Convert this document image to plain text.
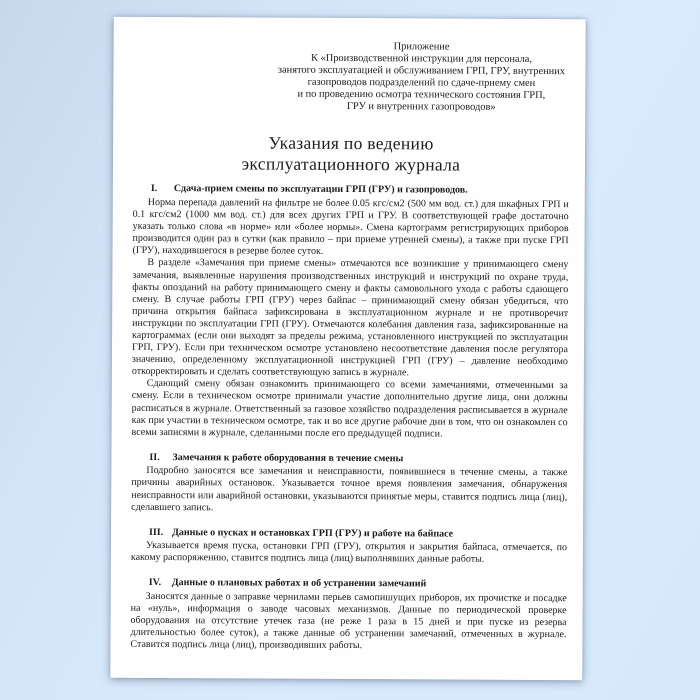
Приложение
К «Производственной инструкции для персонала,
занятого эксплуатацией и обслуживанием ГРП, ГРУ, внутренних
газопроводов подразделений по сдаче-приему смен
и по проведению осмотра технического состояния ГРП,
ГРУ и внутренних газопроводов»
Указания по ведению
эксплуатационного журнала
I. Сдача-прием смены по эксплуатации ГРП (ГРУ) и газопроводов.

Норма перепада давлений на фильтре не более 0.05 кгс/см2 (500 мм вод. ст.) для шкафных ГРП и 0.1 кгс/см2 (1000 мм вод. ст.) для всех других ГРП и ГРУ. В соответствующей графе достаточно указать только слова «в норме» или «более нормы». Смена картограмм регистрирующих приборов производится один раз в сутки (как правило – при приеме утренней смены), а также при пуске ГРП (ГРУ), находившегося в резерве более суток.

В разделе «Замечания при приеме смены» отмечаются все возникшие у принимающего смену замечания, выявленные нарушения производственных инструкций и инструкций по охране труда, факты опозданий на работу принимающего смену и факты самовольного ухода с работы сдающего смену. В случае работы ГРП (ГРУ) через байпас – принимающий смену обязан убедиться, что причина открытия байпаса зафиксирована в эксплуатационном журнале и не противоречит инструкции по эксплуатации ГРП (ГРУ). Отмечаются колебания давления газа, зафиксированные на картограммах (если они выходят за пределы режима, установленного инструкцией по эксплуатации ГРП, ГРУ). Если при техническом осмотре установлено несоответствие давления после регулятора значению, определенному эксплуатационной инструкцией ГРП (ГРУ) – давление необходимо откорректировать и сделать соответствующую запись в журнале.

Сдающий смену обязан ознакомить принимающего со всеми замечаниями, отмеченными за смену. Если в техническом осмотре принимали участие дополнительно другие лица, они должны расписаться в журнале. Ответственный за газовое хозяйство подразделения расписывается в журнале как при участии в техническом осмотре, так и во все другие рабочие дни в том, что он ознакомлен со всеми записями в журнале, сделанными после его предыдущей подписи.

II. Замечания к работе оборудования в течение смены

Подробно заносятся все замечания и неисправности, появившиеся в течение смены, а также причины аварийных остановок. Указывается точное время появления замечания, обнаружения неисправности или аварийной остановки, указываются принятые меры, ставится подпись лица (лиц), сделавшего запись.

III. Данные о пусках и остановках ГРП (ГРУ) и работе на байпасе

Указывается время пуска, остановки ГРП (ГРУ), открытия и закрытия байпаса, отмечается, по какому распоряжению, ставится подпись лица (лиц) выполнявших данные работы.

IV. Данные о плановых работах и об устранении замечаний

Заносятся данные о заправке чернилами перьев самопишущих приборов, их прочистке и посадке на «нуль», информация о заводе часовых механизмов. Данные по периодической проверке оборудования на отсутствие утечек газа (не реже 1 раза в 15 дней и при пуске из резерва длительностью более суток), а также данные об устранении замечаний, отмеченных в журнале. Ставится подпись лица (лиц), производивших работы.
